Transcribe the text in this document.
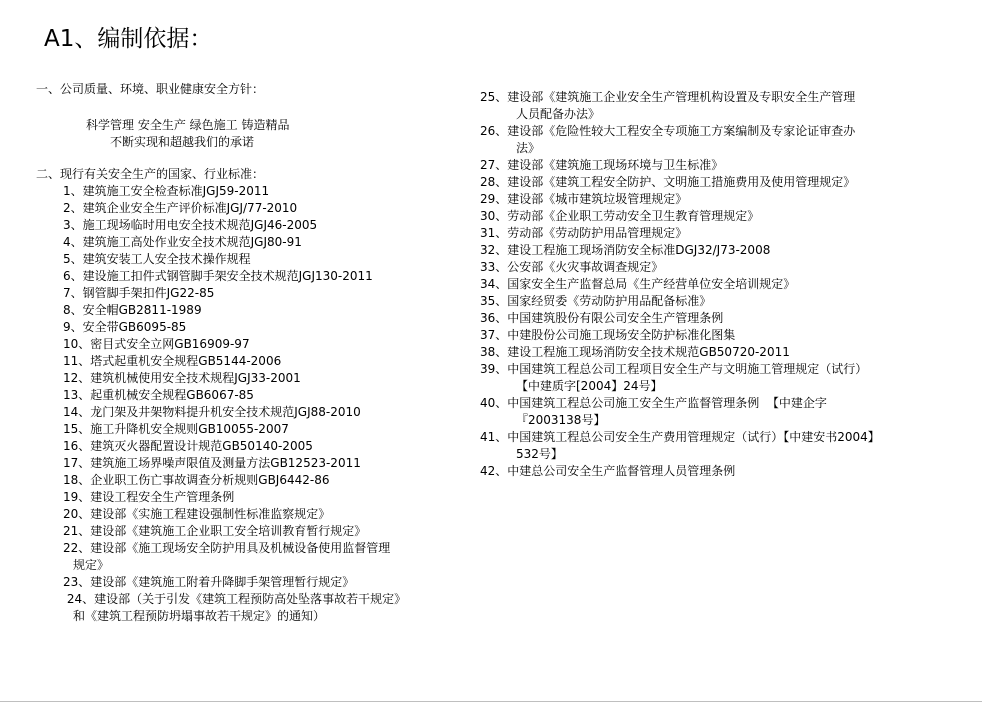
A1、编制依据：
一、公司质量、环境、职业健康安全方针：
科学管理 安全生产 绿色施工 铸造精品
不断实现和超越我们的承诺
二、现行有关安全生产的国家、行业标准：
1、建筑施工安全检查标准JGJ59-2011
2、建筑企业安全生产评价标准JGJ/77-2010
3、施工现场临时用电安全技术规范JGJ46-2005
4、建筑施工高处作业安全技术规范JGJ80-91
5、建筑安装工人安全技术操作规程
6、建设施工扣件式钢管脚手架安全技术规范JGJ130-2011
7、钢管脚手架扣件JG22-85
8、安全帽GB2811-1989
9、安全带GB6095-85
10、密目式安全立网GB16909-97
11、塔式起重机安全规程GB5144-2006
12、建筑机械使用安全技术规程JGJ33-2001
13、起重机械安全规程GB6067-85
14、龙门架及井架物料提升机安全技术规范JGJ88-2010
15、施工升降机安全规则GB10055-2007
16、建筑灭火器配置设计规范GB50140-2005
17、建筑施工场界噪声限值及测量方法GB12523-2011
18、企业职工伤亡事故调查分析规则GBJ6442-86
19、建设工程安全生产管理条例
20、建设部《实施工程建设强制性标准监察规定》
21、建设部《建筑施工企业职工安全培训教育暂行规定》
22、建设部《施工现场安全防护用具及机械设备使用监督管理
规定》
23、建设部《建筑施工附着升降脚手架管理暂行规定》
24、建设部（关于引发《建筑工程预防高处坠落事故若干规定》
和《建筑工程预防坍塌事故若干规定》的通知）
25、建设部《建筑施工企业安全生产管理机构设置及专职安全生产管理
人员配备办法》
26、建设部《危险性较大工程安全专项施工方案编制及专家论证审查办
法》
27、建设部《建筑施工现场环境与卫生标准》
28、建设部《建筑工程安全防护、文明施工措施费用及使用管理规定》
29、建设部《城市建筑垃圾管理规定》
30、劳动部《企业职工劳动安全卫生教育管理规定》
31、劳动部《劳动防护用品管理规定》
32、建设工程施工现场消防安全标准DGJ32/J73-2008
33、公安部《火灾事故调查规定》
34、国家安全生产监督总局《生产经营单位安全培训规定》
35、国家经贸委《劳动防护用品配备标准》
36、中国建筑股份有限公司安全生产管理条例
37、中建股份公司施工现场安全防护标准化图集
38、建设工程施工现场消防安全技术规范GB50720-2011
39、中国建筑工程总公司工程项目安全生产与文明施工管理规定（试行）
【中建质字[2004】24号】
40、中国建筑工程总公司施工安全生产监督管理条例  【中建企字
『2003138号】
41、中国建筑工程总公司安全生产费用管理规定（试行）【中建安书2004】
532号】
42、中建总公司安全生产监督管理人员管理条例
